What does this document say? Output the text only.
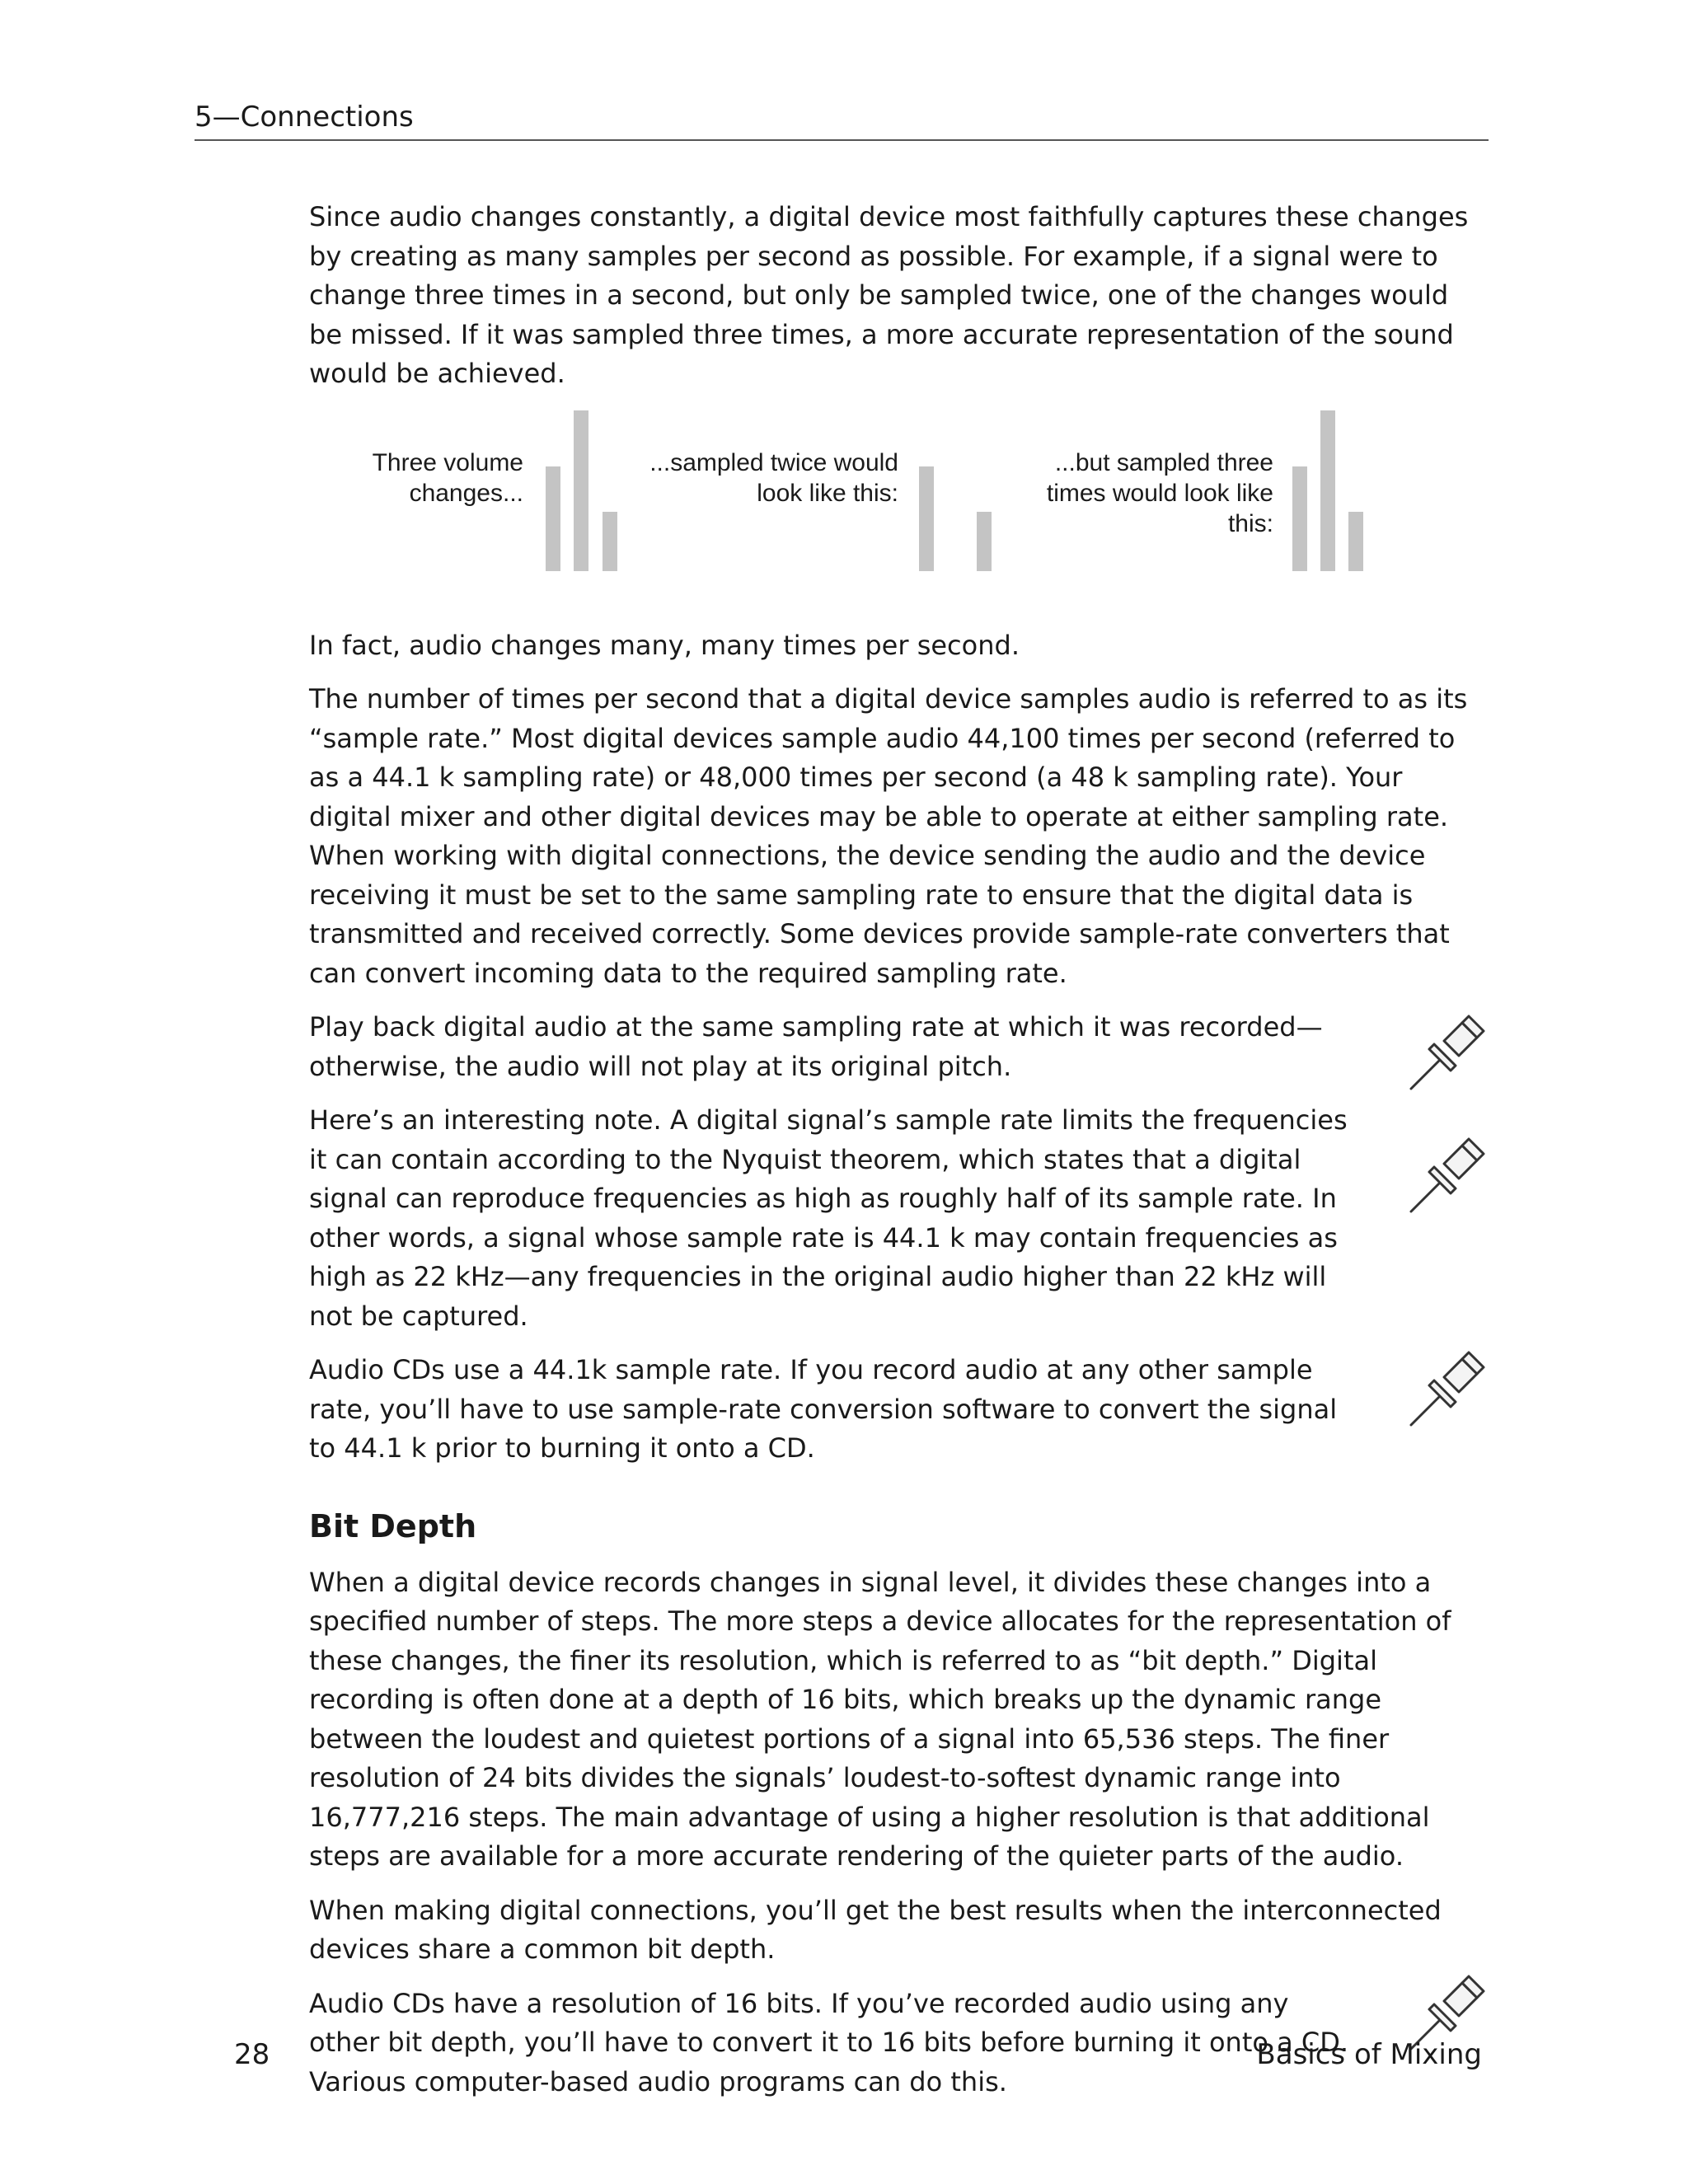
5—Connections

Since audio changes constantly, a digital device most faithfully captures these changes by creating as many samples per second as possible. For example, if a signal were to change three times in a second, but only be sampled twice, one of the changes would be missed. If it was sampled three times, a more accurate representation of the sound would be achieved.

Three volume changes...
...sampled twice would look like this:
...but sampled three times would look like this:

In fact, audio changes many, many times per second.

The number of times per second that a digital device samples audio is referred to as its “sample rate.” Most digital devices sample audio 44,100 times per second (referred to as a 44.1 k sampling rate) or 48,000 times per second (a 48 k sampling rate). Your digital mixer and other digital devices may be able to operate at either sampling rate. When working with digital connections, the device sending the audio and the device receiving it must be set to the same sampling rate to ensure that the digital data is transmitted and received correctly. Some devices provide sample-rate converters that can convert incoming data to the required sampling rate.

Play back digital audio at the same sampling rate at which it was recorded—otherwise, the audio will not play at its original pitch.

Here’s an interesting note. A digital signal’s sample rate limits the frequencies it can contain according to the Nyquist theorem, which states that a digital signal can reproduce frequencies as high as roughly half of its sample rate. In other words, a signal whose sample rate is 44.1 k may contain frequencies as high as 22 kHz—any frequencies in the original audio higher than 22 kHz will not be captured.

Audio CDs use a 44.1k sample rate. If you record audio at any other sample rate, you’ll have to use sample-rate conversion software to convert the signal to 44.1 k prior to burning it onto a CD.

Bit Depth

When a digital device records changes in signal level, it divides these changes into a specified number of steps. The more steps a device allocates for the representation of these changes, the finer its resolution, which is referred to as “bit depth.” Digital recording is often done at a depth of 16 bits, which breaks up the dynamic range between the loudest and quietest portions of a signal into 65,536 steps. The finer resolution of 24 bits divides the signals’ loudest-to-softest dynamic range into 16,777,216 steps. The main advantage of using a higher resolution is that additional steps are available for a more accurate rendering of the quieter parts of the audio.

When making digital connections, you’ll get the best results when the interconnected devices share a common bit depth.

Audio CDs have a resolution of 16 bits. If you’ve recorded audio using any other bit depth, you’ll have to convert it to 16 bits before burning it onto a CD. Various computer-based audio programs can do this.

28	Basics of Mixing
